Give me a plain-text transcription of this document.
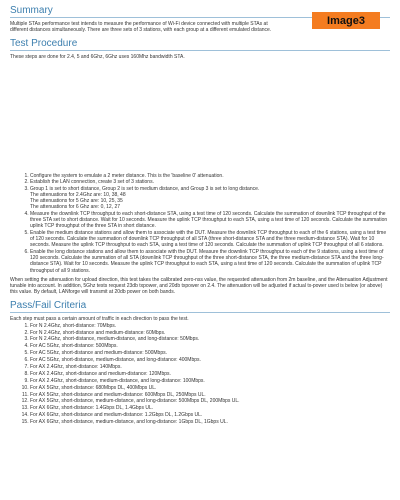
Summary
Image3

Multiple STAs performance test intends to measure the performance of Wi-Fi device connected with multiple STAs at different distances simultaneously. There are three sets of 3 stations, with each group at a different emulated distance.

Test Procedure

These steps are done for 2.4, 5 and 6Ghz, 6Ghz uses 160Mhz bandwidth STA.

1. Configure the system to emulate a 2 meter distance. This is the 'baseline 0' attenuation.
2. Establish the LAN connection, create 3 set of 3 stations.
3. Group 1 is set to short distance, Group 2 is set to medium distance, and Group 3 is set to long distance.
The attenuations for 2.4Ghz are: 10, 38, 48
The attenuations for 5 Ghz are: 10, 25, 35
The attenuations for 6 Ghz are: 0, 12, 27
4. Measure the downlink TCP throughput to each short-distance STA, using a test time of 120 seconds. Calculate the summation of downlink TCP throughput of the three STA set to short distance. Wait for 10 seconds. Measure the uplink TCP throughput to each STA, using a test time of 120 seconds. Calculate the summation uplink TCP throughput of the three STA in short distance.
5. Enable the medium distance stations and allow them to associate with the DUT. Measure the downlink TCP throughput to each of the 6 stations, using a test time of 120 seconds. Calculate the summation of downlink TCP throughput of all STA (three short-distance STA and the three medium-distance STA). Wait for 10 seconds. Measure the uplink TCP throughput to each STA, using a test time of 120 seconds. Calculate the summation of uplink TCP throughput of all 6 stations.
6. Enable the long distance stations and allow them to associate with the DUT. Measure the downlink TCP throughput to each of the 9 stations, using a test time of 120 seconds. Calculate the summation of all STA (downlink TCP throughput of the three short-distance STA, the three medium-distance STA and the three long-distance STA). Wait for 10 seconds. Measure the uplink TCP throughput to each STA, using a test time of 120 seconds. Calculate the summation of uplink TCP throughput of all 9 stations.

When setting the attenuation for upload direction, this test takes the calibrated zero-nss value, the requested attenuation from 2m baseline, and the Attenuation Adjustment tunable into account. In addition, 5Ghz tests request 23db txpower, and 20db txpower on 2.4. The attenuation will be adjusted if actual tx-power used is below (or above) this value. By default, LANforge will transmit at 20db power on both bands.

Pass/Fail Criteria

Each step must pass a certain amount of traffic in each direction to pass the test.

1. For N 2.4Ghz, short-distance: 70Mbps.
2. For N 2.4Ghz, short-distance and medium-distance: 60Mbps.
3. For N 2.4Ghz, short-distance, medium-distance, and long-distance: 50Mbps.
4. For AC 5Ghz, short-distance: 500Mbps.
5. For AC 5Ghz, short-distance and medium-distance: 500Mbps.
6. For AC 5Ghz, short-distance, medium-distance, and long-distance: 400Mbps.
7. For AX 2.4Ghz, short-distance: 140Mbps.
8. For AX 2.4Ghz, short-distance and medium-distance: 120Mbps.
9. For AX 2.4Ghz, short-distance, medium-distance, and long-distance: 100Mbps.
10. For AX 5Ghz, short-distance: 680Mbps DL, 400Mbps UL.
11. For AX 5Ghz, short-distance and medium-distance: 600Mbps DL, 250Mbps UL.
12. For AX 5Ghz, short-distance, medium-distance, and long-distance: 500Mbps DL, 200Mbps UL.
13. For AX 6Ghz, short-distance: 1.4Gbps DL, 1.4Gbps UL.
14. For AX 6Ghz, short-distance and medium-distance: 1.2Gbps DL, 1.2Gbps UL.
15. For AX 6Ghz, short-distance, medium-distance, and long-distance: 1Gbps DL, 1Gbps UL.
